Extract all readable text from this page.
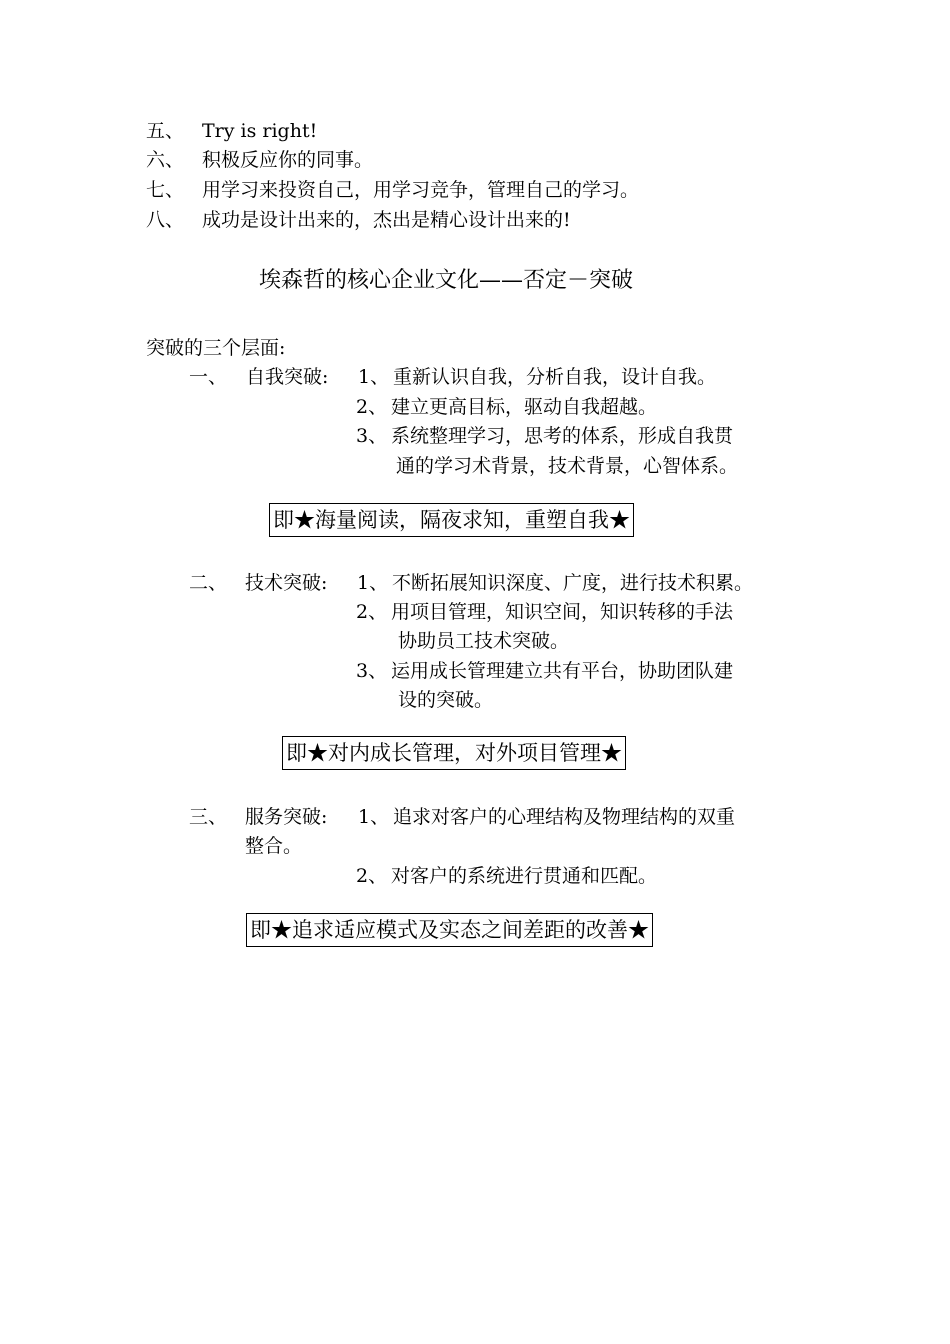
五、 Try is right!
六、 积极反应你的同事。
七、 用学习来投资自己，用学习竞争，管理自己的学习。
八、 成功是设计出来的，杰出是精心设计出来的!
埃森哲的核心企业文化——否定－突破
突破的三个层面:
一、 自我突破: 1、 重新认识自我，分析自我，设计自我。
2、 建立更高目标，驱动自我超越。
3、 系统整理学习，思考的体系，形成自我贯
通的学习术背景，技术背景，心智体系。
即★海量阅读，隔夜求知，重塑自我★
二、 技术突破: 1、 不断拓展知识深度、广度，进行技术积累。
2、 用项目管理，知识空间，知识转移的手法
协助员工技术突破。
3、 运用成长管理建立共有平台，协助团队建
设的突破。
即★对内成长管理，对外项目管理★
三、 服务突破: 1、 追求对客户的心理结构及物理结构的双重
整合。
2、 对客户的系统进行贯通和匹配。
即★追求适应模式及实态之间差距的改善★
